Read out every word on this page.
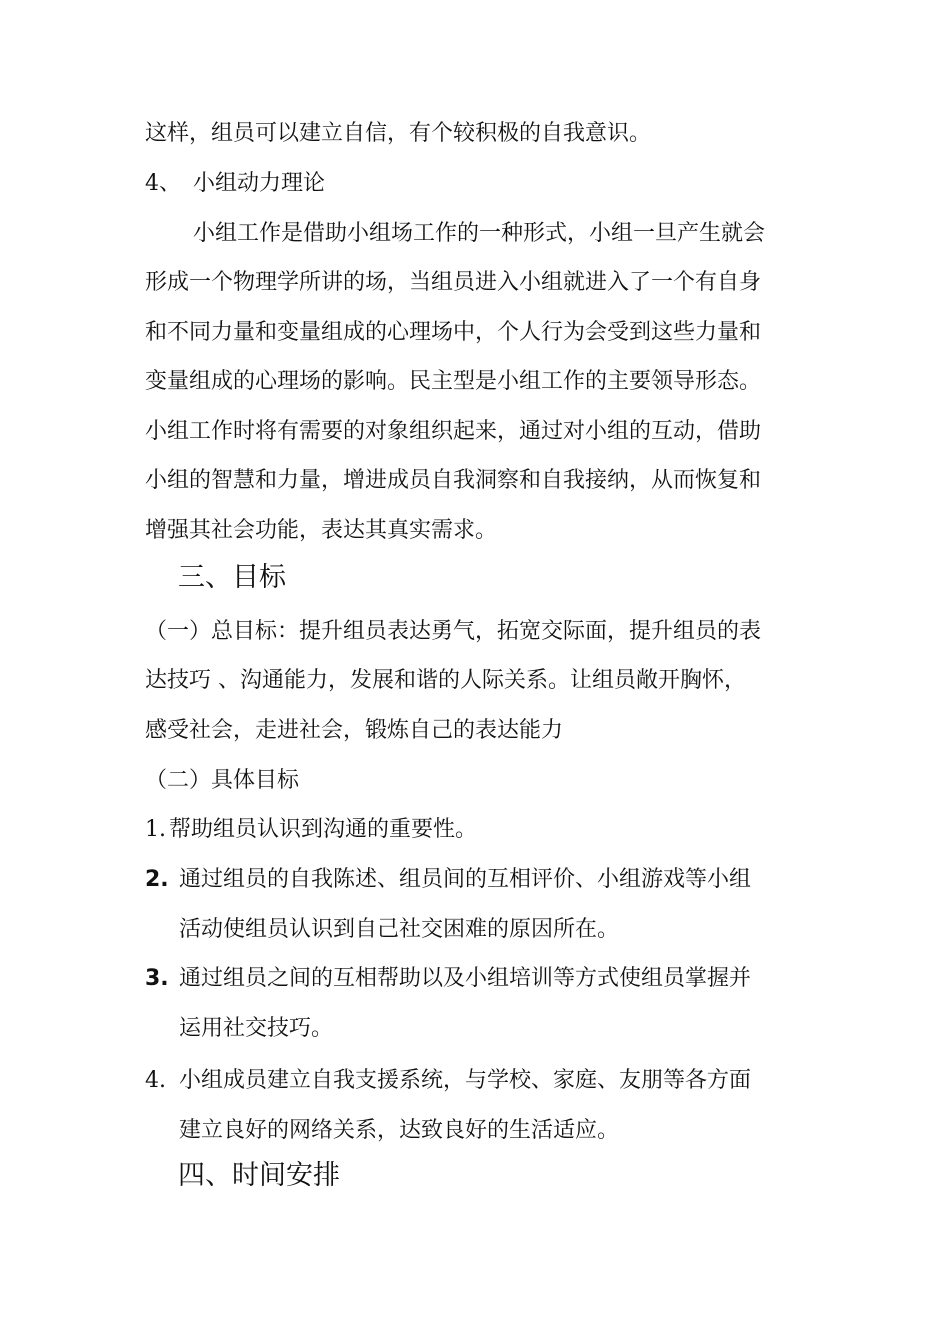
这样，组员可以建立自信，有个较积极的自我意识。
4、 小组动力理论
小组工作是借助小组场工作的一种形式，小组一旦产生就会
形成一个物理学所讲的场，当组员进入小组就进入了一个有自身
和不同力量和变量组成的心理场中，个人行为会受到这些力量和
变量组成的心理场的影响。民主型是小组工作的主要领导形态。
小组工作时将有需要的对象组织起来，通过对小组的互动，借助
小组的智慧和力量，增进成员自我洞察和自我接纳，从而恢复和
增强其社会功能，表达其真实需求。
三、目标
（一）总目标：提升组员表达勇气，拓宽交际面，提升组员的表
达技巧 、沟通能力，发展和谐的人际关系。让组员敞开胸怀，
感受社会，走进社会，锻炼自己的表达能力
（二）具体目标
1. 帮助组员认识到沟通的重要性。
2. 通过组员的自我陈述、组员间的互相评价、小组游戏等小组
活动使组员认识到自己社交困难的原因所在。
3. 通过组员之间的互相帮助以及小组培训等方式使组员掌握并
运用社交技巧。
4. 小组成员建立自我支援系统，与学校、家庭、友朋等各方面
建立良好的网络关系，达致良好的生活适应。
四、时间安排
